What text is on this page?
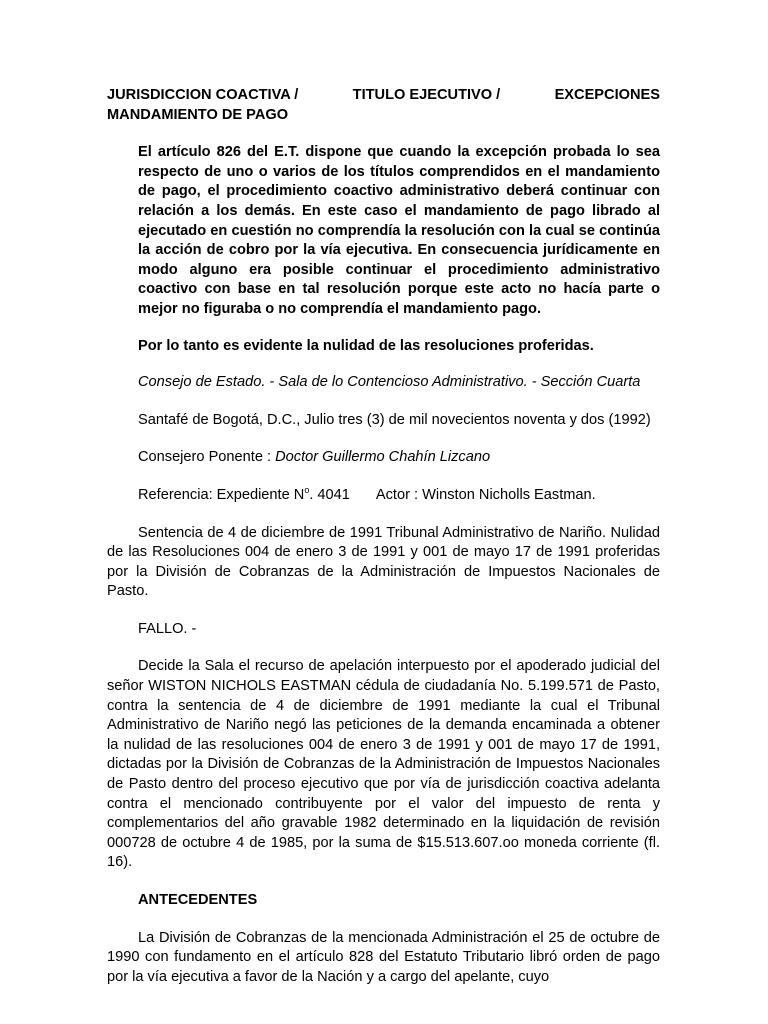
JURISDICCION COACTIVA /	TITULO EJECUTIVO /	EXCEPCIONES
MANDAMIENTO DE PAGO

El artículo 826 del E.T. dispone que cuando la excepción probada lo sea respecto de uno o varios de los títulos comprendidos en el mandamiento de pago, el procedimiento coactivo administrativo deberá continuar con relación a los demás. En este caso el mandamiento de pago librado al ejecutado en cuestión no comprendía la resolución con la cual se continúa la acción de cobro por la vía ejecutiva. En consecuencia jurídicamente en modo alguno era posible continuar el procedimiento administrativo coactivo con base en tal resolución porque este acto no hacía parte o mejor no figuraba o no comprendía el mandamiento pago.

Por lo tanto es evidente la nulidad de las resoluciones proferidas.

Consejo de Estado. - Sala de lo Contencioso Administrativo. - Sección Cuarta

Santafé de Bogotá, D.C., Julio tres (3) de mil novecientos noventa y dos (1992)

Consejero Ponente : Doctor Guillermo Chahín Lizcano

Referencia: Expediente $N^o$. 4041 Actor : Winston Nicholls Eastman.

Sentencia de 4 de diciembre de 1991 Tribunal Administrativo de Nariño. Nulidad de las Resoluciones 004 de enero 3 de 1991 y 001 de mayo 17 de 1991 proferidas por la División de Cobranzas de la Administración de Impuestos Nacionales de Pasto.

FALLO. -

Decide la Sala el recurso de apelación interpuesto por el apoderado judicial del señor WISTON NICHOLS EASTMAN cédula de ciudadanía No. 5.199.571 de Pasto, contra la sentencia de 4 de diciembre de 1991 mediante la cual el Tribunal Administrativo de Nariño negó las peticiones de la demanda encaminada a obtener la nulidad de las resoluciones 004 de enero 3 de 1991 y 001 de mayo 17 de 1991, dictadas por la División de Cobranzas de la Administración de Impuestos Nacionales de Pasto dentro del proceso ejecutivo que por vía de jurisdicción coactiva adelanta contra el mencionado contribuyente por el valor del impuesto de renta y complementarios del año gravable 1982 determinado en la liquidación de revisión 000728 de octubre 4 de 1985, por la suma de $15.513.607.oo moneda corriente (fl. 16).

ANTECEDENTES

La División de Cobranzas de la mencionada Administración el 25 de octubre de 1990 con fundamento en el artículo 828 del Estatuto Tributario libró orden de pago por la vía ejecutiva a favor de la Nación y a cargo del apelante, cuyo
